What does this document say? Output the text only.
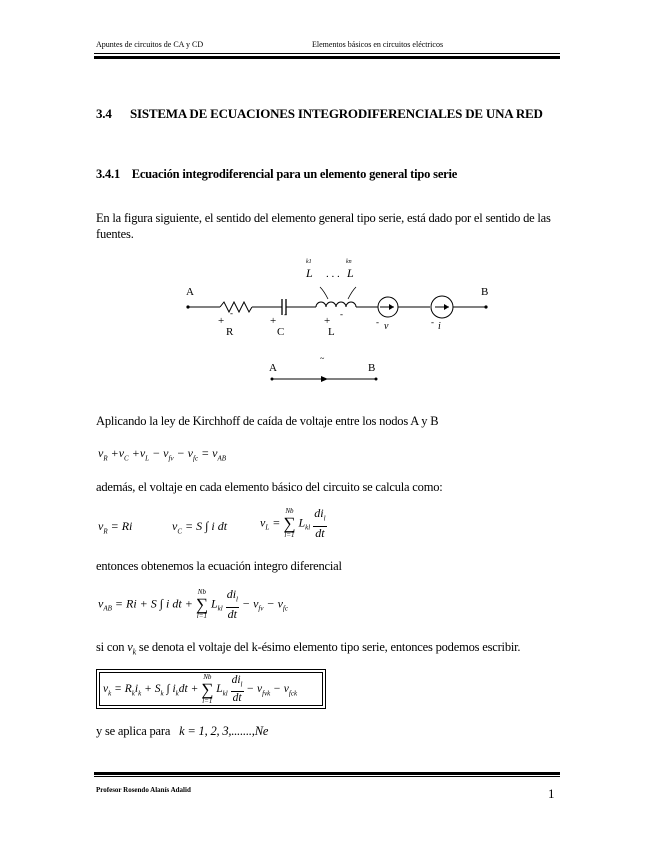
Apuntes de circuitos de CA y CD	Elementos básicos en circuitos eléctricos
3.4      SISTEMA DE ECUACIONES INTEGRODIFERENCIALES DE UNA RED
3.4.1    Ecuación integrodiferencial para un elemento general tipo serie
En la figura siguiente, el sentido del elemento general tipo serie, está dado por el sentido de las fuentes.
A	B
+
-
R
+
-
C
+
-
L
- v	- i
L
k1
. . . L
kn
A	B
~
Aplicando la ley de Kirchhoff de caída de voltaje entre los nodos A y B
$v_R +v_C +v_L - v_{fv} - v_{fc} = v_{AB}$
además, el voltaje en cada elemento básico del circuito se calcula como:
$v_R = Ri$	$v_C = S$ ∫ i dt	$v_L$ =
Nb
∑
l=1
$L_{kl} \frac{di_l}{dt}$
entonces obtenemos la ecuación integro diferencial
$v_{AB} = Ri + S$ ∫ i dt +
Nb
∑
l=1
$L_{kl} \frac{di_l}{dt} - v_{fv} - v_{fc}$
si con $v_k$ se denota el voltaje del k-ésimo elemento tipo serie, entonces podemos escribir.
$v_k = R_ki_k + S_k$ ∫ $i_kdt$ +
Nb
∑
l=1
$L_{kl} \frac{di_l}{dt} - v_{fvk} - v_{fck}$
y se aplica para k = 1, 2, 3,.......,Ne
Profesor Rosendo Alanís Adalid	1
